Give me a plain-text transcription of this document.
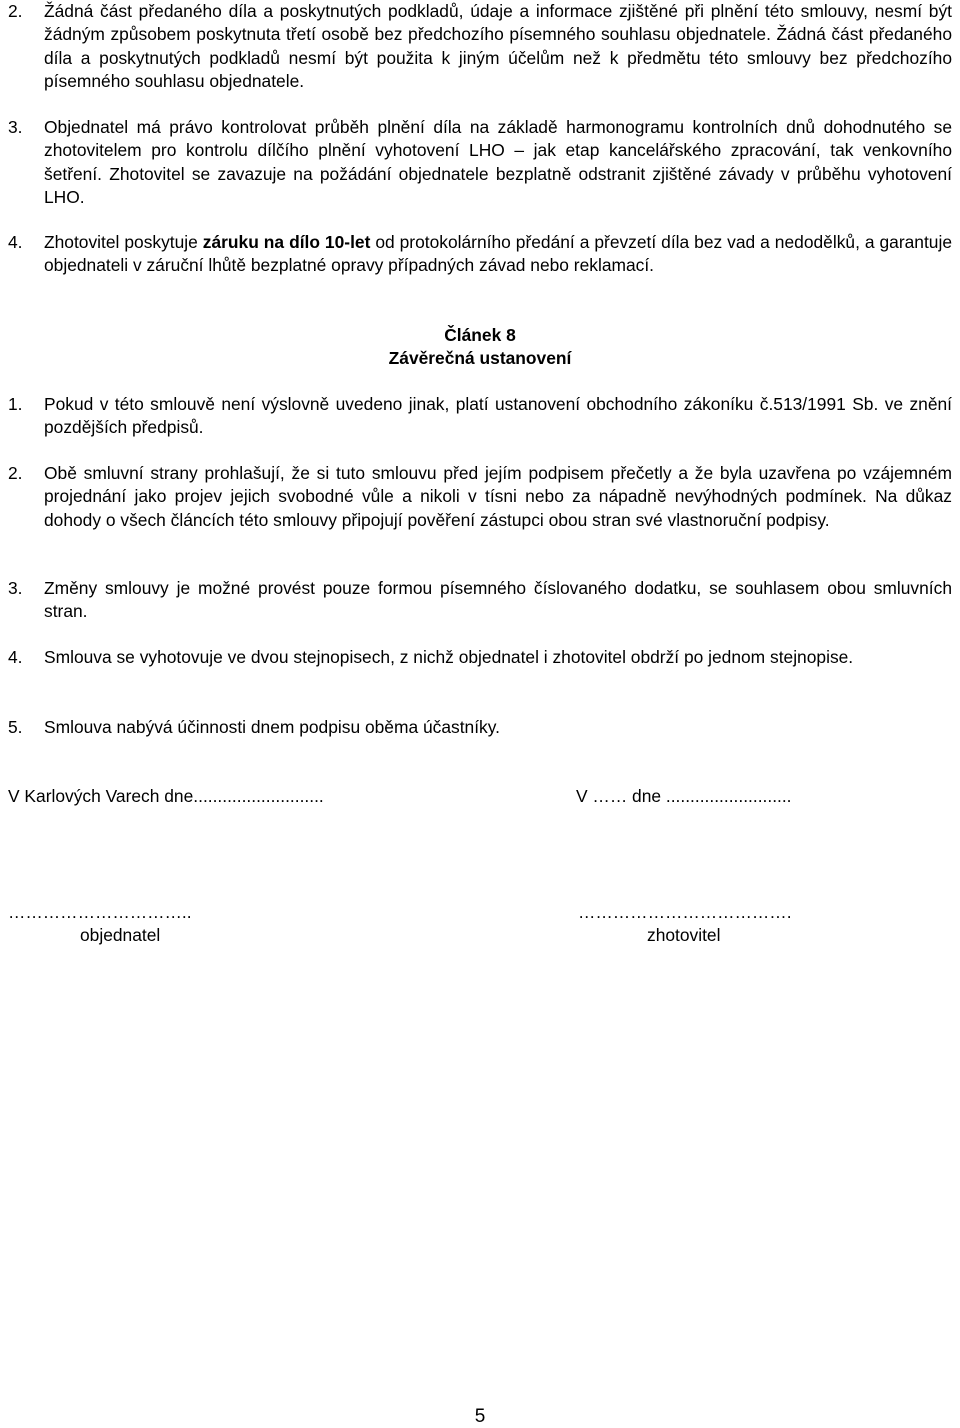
2.	Žádná část předaného díla a poskytnutých podkladů, údaje a informace zjištěné při plnění této smlouvy, nesmí být žádným způsobem poskytnuta třetí osobě bez předchozího písemného souhlasu objednatele. Žádná část předaného díla a poskytnutých podkladů nesmí být použita k jiným účelům než k předmětu této smlouvy bez předchozího písemného souhlasu objednatele.
3.	Objednatel má právo kontrolovat průběh plnění díla na základě harmonogramu kontrolních dnů dohodnutého se zhotovitelem pro kontrolu dílčího plnění vyhotovení LHO – jak etap kancelářského zpracování, tak venkovního šetření. Zhotovitel se zavazuje na požádání objednatele bezplatně odstranit zjištěné závady v průběhu vyhotovení LHO.
4.	Zhotovitel poskytuje záruku na dílo 10-let od protokolárního předání a převzetí díla bez vad a nedodělků, a garantuje objednateli v záruční lhůtě bezplatné opravy případných závad nebo reklamací.
Článek 8
Závěrečná ustanovení
1.	Pokud v této smlouvě není výslovně uvedeno jinak, platí ustanovení obchodního zákoníku č.513/1991 Sb. ve znění pozdějších předpisů.
2.	Obě smluvní strany prohlašují, že si tuto smlouvu před jejím podpisem přečetly a že byla uzavřena po vzájemném projednání jako projev jejich svobodné vůle a nikoli v tísni nebo za nápadně nevýhodných podmínek. Na důkaz dohody o všech článcích této smlouvy připojují pověření zástupci obou stran své vlastnoruční podpisy.
3.	Změny smlouvy je možné provést pouze formou písemného číslovaného dodatku, se souhlasem obou smluvních stran.
4.	Smlouva se vyhotovuje ve dvou stejnopisech, z nichž objednatel i zhotovitel obdrží po jednom stejnopise.
5.	Smlouva nabývá účinnosti dnem podpisu oběma účastníky.
V Karlových Varech dne...........................	V …… dne ..........................
…………………………..	……………………………….
objednatel	zhotovitel
5
